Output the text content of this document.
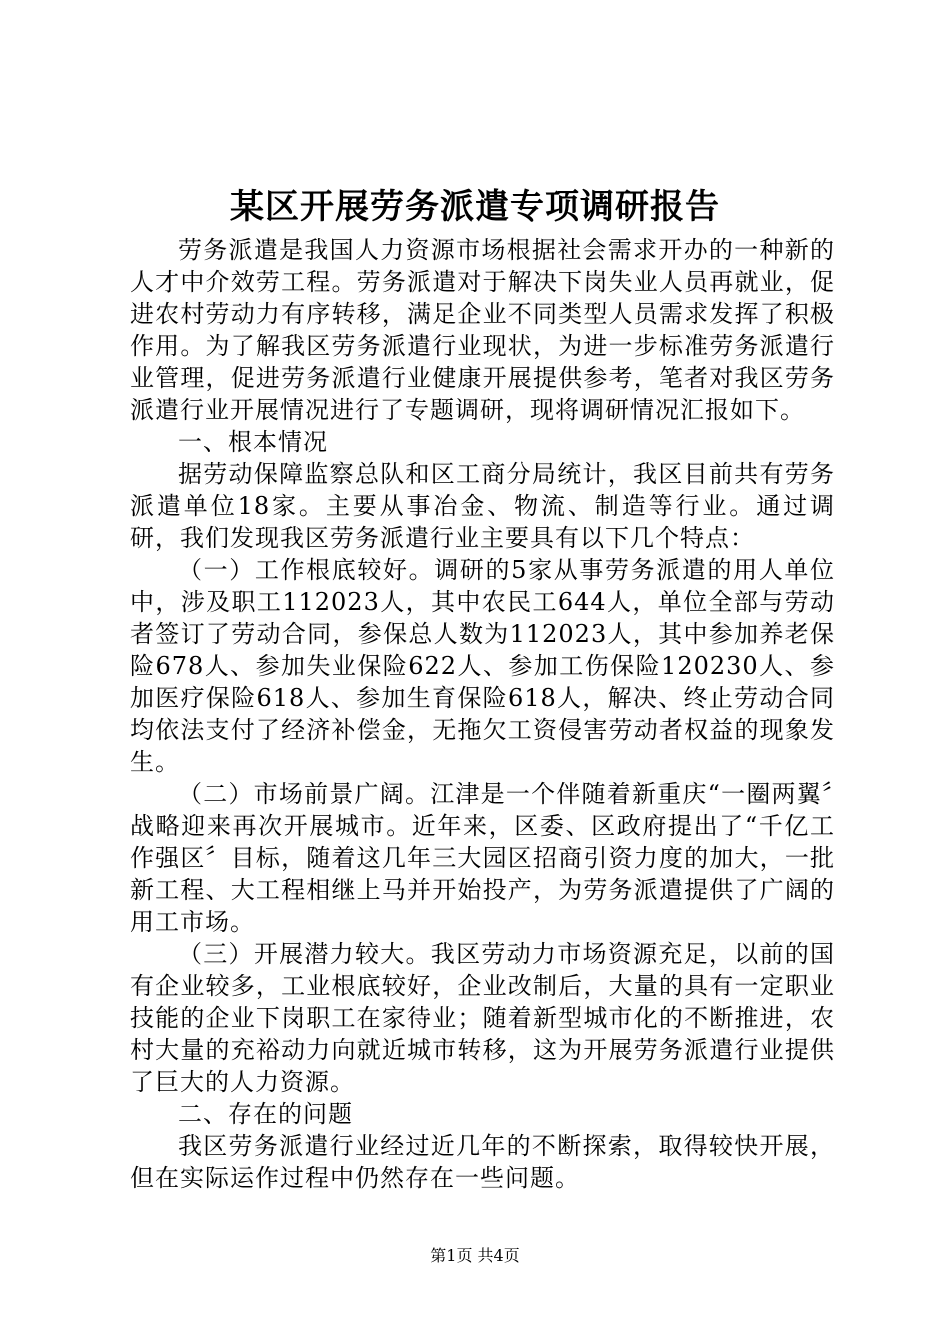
某区开展劳务派遣专项调研报告

劳务派遣是我国人力资源市场根据社会需求开办的一种新的人才中介效劳工程。劳务派遣对于解决下岗失业人员再就业，促进农村劳动力有序转移，满足企业不同类型人员需求发挥了积极作用。为了解我区劳务派遣行业现状，为进一步标准劳务派遣行业管理，促进劳务派遣行业健康开展提供参考，笔者对我区劳务派遣行业开展情况进行了专题调研，现将调研情况汇报如下。

一、根本情况

据劳动保障监察总队和区工商分局统计，我区目前共有劳务派遣单位18家。主要从事冶金、物流、制造等行业。通过调研，我们发现我区劳务派遣行业主要具有以下几个特点：

（一）工作根底较好。调研的5家从事劳务派遣的用人单位中，涉及职工112023人，其中农民工644人，单位全部与劳动者签订了劳动合同，参保总人数为112023人，其中参加养老保险678人、参加失业保险622人、参加工伤保险120230人、参加医疗保险618人、参加生育保险618人，解决、终止劳动合同均依法支付了经济补偿金，无拖欠工资侵害劳动者权益的现象发生。

（二）市场前景广阔。江津是一个伴随着新重庆“一圈两翼〞战略迎来再次开展城市。近年来，区委、区政府提出了“千亿工作强区〞目标，随着这几年三大园区招商引资力度的加大，一批新工程、大工程相继上马并开始投产，为劳务派遣提供了广阔的用工市场。

（三）开展潜力较大。我区劳动力市场资源充足，以前的国有企业较多，工业根底较好，企业改制后，大量的具有一定职业技能的企业下岗职工在家待业；随着新型城市化的不断推进，农村大量的充裕动力向就近城市转移，这为开展劳务派遣行业提供了巨大的人力资源。

二、存在的问题

我区劳务派遣行业经过近几年的不断探索，取得较快开展，但在实际运作过程中仍然存在一些问题。

第1页 共4页
